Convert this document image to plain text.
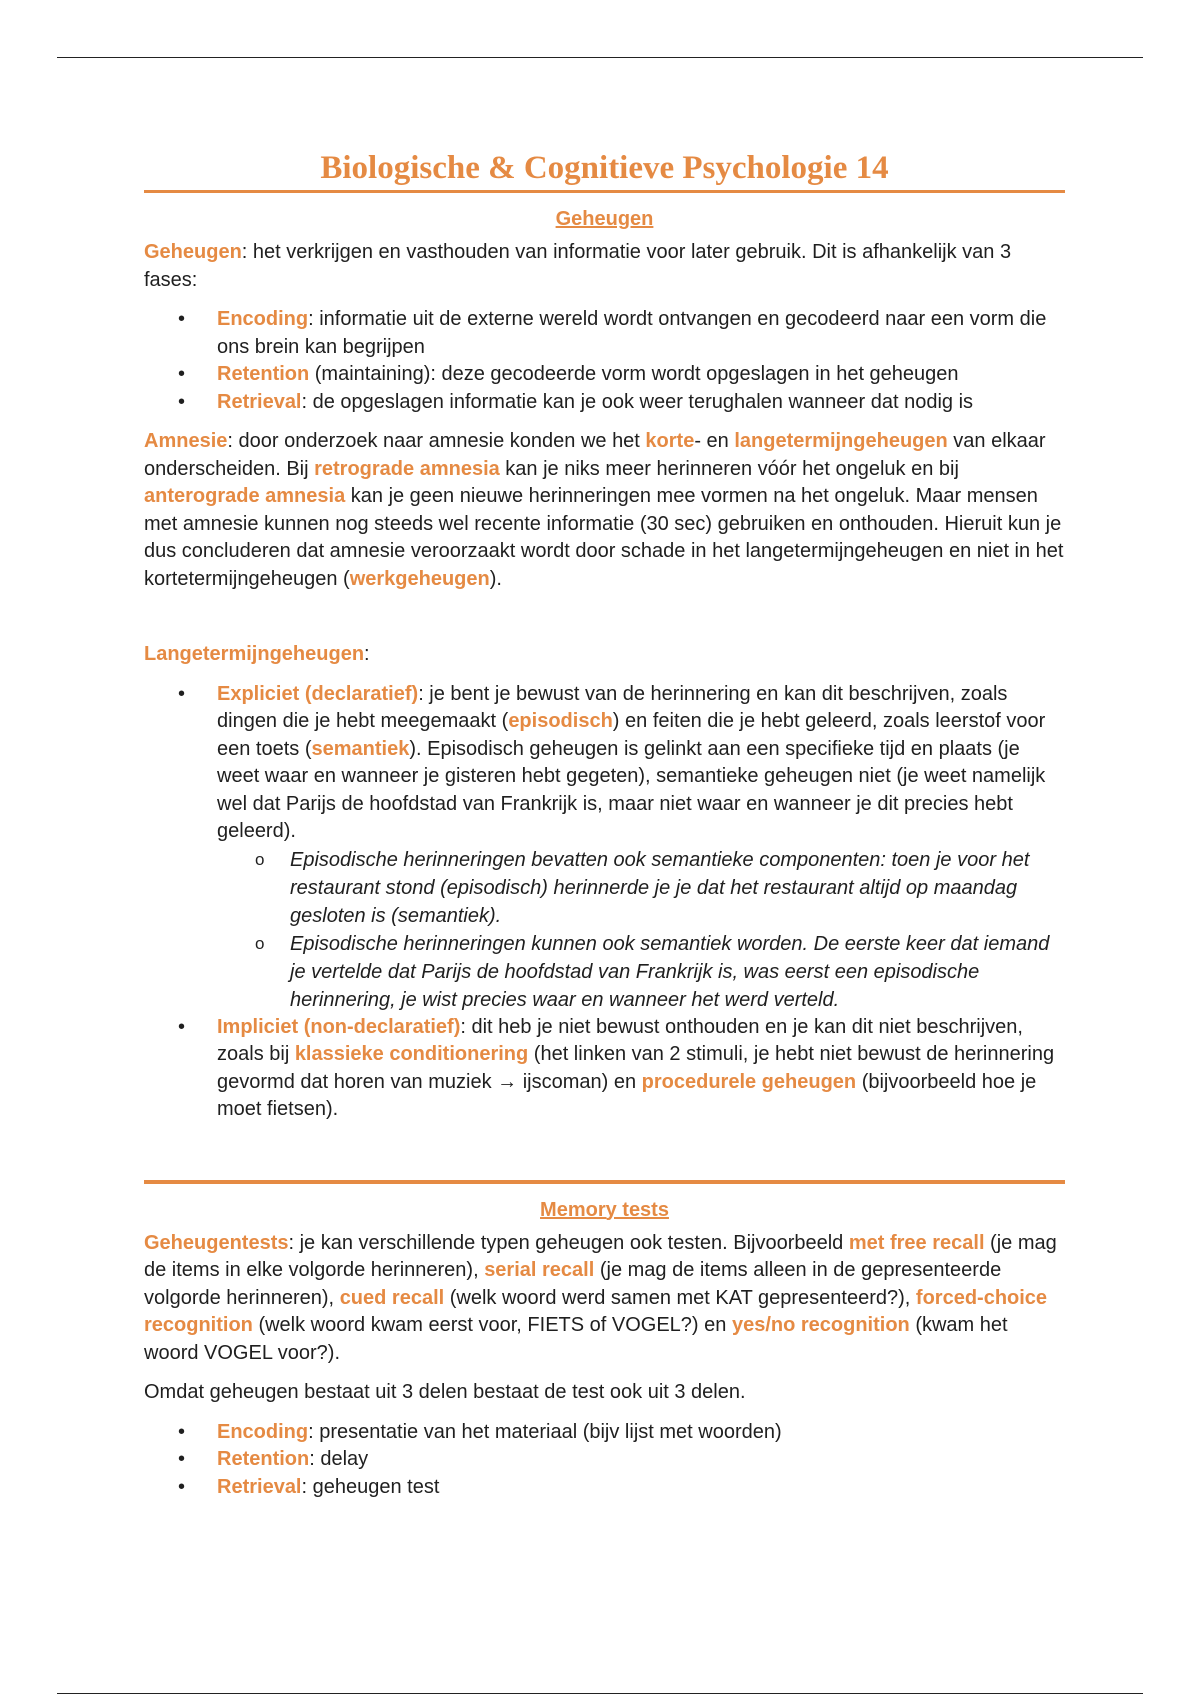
Biologische & Cognitieve Psychologie 14
Geheugen

Geheugen: het verkrijgen en vasthouden van informatie voor later gebruik. Dit is afhankelijk van 3 fases:

• Encoding: informatie uit de externe wereld wordt ontvangen en gecodeerd naar een vorm die ons brein kan begrijpen
• Retention (maintaining): deze gecodeerde vorm wordt opgeslagen in het geheugen
• Retrieval: de opgeslagen informatie kan je ook weer terughalen wanneer dat nodig is

Amnesie: door onderzoek naar amnesie konden we het korte- en langetermijngeheugen van elkaar onderscheiden. Bij retrograde amnesia kan je niks meer herinneren vóór het ongeluk en bij anterograde amnesia kan je geen nieuwe herinneringen mee vormen na het ongeluk. Maar mensen met amnesie kunnen nog steeds wel recente informatie (30 sec) gebruiken en onthouden. Hieruit kun je dus concluderen dat amnesie veroorzaakt wordt door schade in het langetermijngeheugen en niet in het kortetermijngeheugen (werkgeheugen).

Langetermijngeheugen:

• Expliciet (declaratief): je bent je bewust van de herinnering en kan dit beschrijven, zoals dingen die je hebt meegemaakt (episodisch) en feiten die je hebt geleerd, zoals leerstof voor een toets (semantiek). Episodisch geheugen is gelinkt aan een specifieke tijd en plaats (je weet waar en wanneer je gisteren hebt gegeten), semantieke geheugen niet (je weet namelijk wel dat Parijs de hoofdstad van Frankrijk is, maar niet waar en wanneer je dit precies hebt geleerd).
o Episodische herinneringen bevatten ook semantieke componenten: toen je voor het restaurant stond (episodisch) herinnerde je je dat het restaurant altijd op maandag gesloten is (semantiek).
o Episodische herinneringen kunnen ook semantiek worden. De eerste keer dat iemand je vertelde dat Parijs de hoofdstad van Frankrijk is, was eerst een episodische herinnering, je wist precies waar en wanneer het werd verteld.
• Impliciet (non-declaratief): dit heb je niet bewust onthouden en je kan dit niet beschrijven, zoals bij klassieke conditionering (het linken van 2 stimuli, je hebt niet bewust de herinnering gevormd dat horen van muziek → ijscoman) en procedurele geheugen (bijvoorbeeld hoe je moet fietsen).
Memory tests

Geheugentests: je kan verschillende typen geheugen ook testen. Bijvoorbeeld met free recall (je mag de items in elke volgorde herinneren), serial recall (je mag de items alleen in de gepresenteerde volgorde herinneren), cued recall (welk woord werd samen met KAT gepresenteerd?), forced-choice recognition (welk woord kwam eerst voor, FIETS of VOGEL?) en yes/no recognition (kwam het woord VOGEL voor?).

Omdat geheugen bestaat uit 3 delen bestaat de test ook uit 3 delen.

• Encoding: presentatie van het materiaal (bijv lijst met woorden)
• Retention: delay
• Retrieval: geheugen test
